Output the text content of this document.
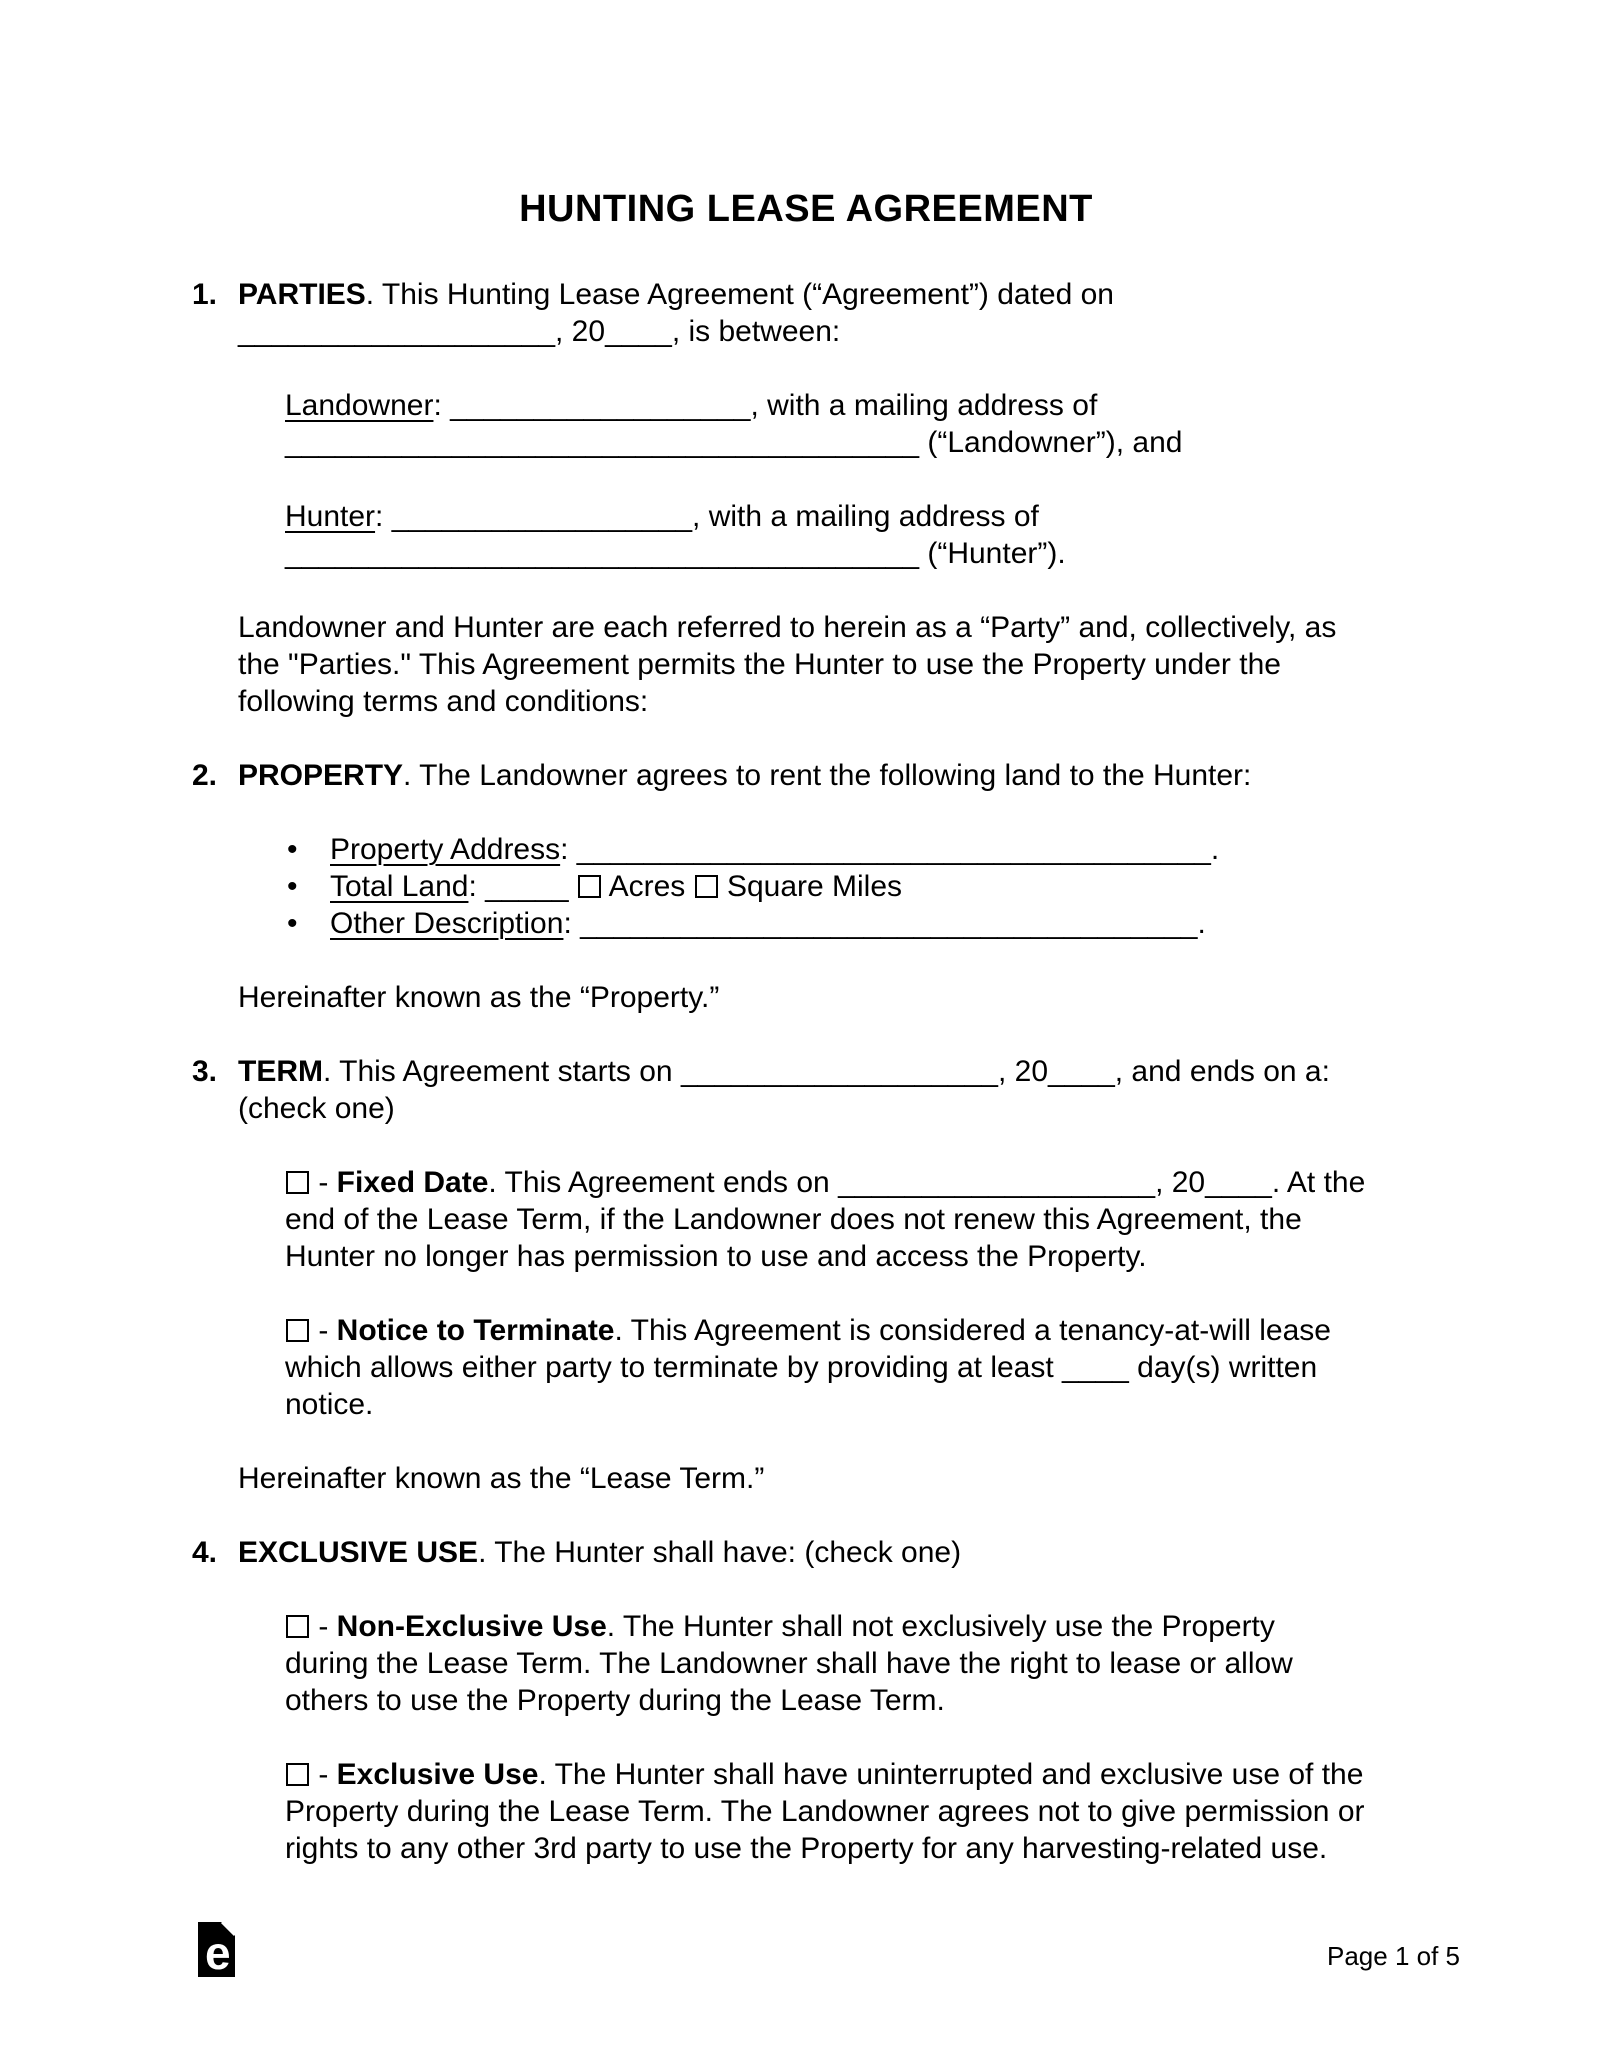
HUNTING LEASE AGREEMENT
1. PARTIES. This Hunting Lease Agreement (“Agreement”) dated on
___________________, 20____, is between:
Landowner: __________________, with a mailing address of
______________________________________ (“Landowner”), and
Hunter: __________________, with a mailing address of
______________________________________ (“Hunter”).
Landowner and Hunter are each referred to herein as a “Party” and, collectively, as
the "Parties." This Agreement permits the Hunter to use the Property under the
following terms and conditions:
2. PROPERTY. The Landowner agrees to rent the following land to the Hunter:
• Property Address: ______________________________________.
• Total Land: _____  Acres  Square Miles
• Other Description: _____________________________________.
Hereinafter known as the “Property.”
3. TERM. This Agreement starts on ___________________, 20____, and ends on a:
(check one)
- Fixed Date. This Agreement ends on ___________________, 20____. At the
end of the Lease Term, if the Landowner does not renew this Agreement, the
Hunter no longer has permission to use and access the Property.
- Notice to Terminate. This Agreement is considered a tenancy-at-will lease
which allows either party to terminate by providing at least ____ day(s) written
notice.
Hereinafter known as the “Lease Term.”
4. EXCLUSIVE USE. The Hunter shall have: (check one)
- Non-Exclusive Use. The Hunter shall not exclusively use the Property
during the Lease Term. The Landowner shall have the right to lease or allow
others to use the Property during the Lease Term.
- Exclusive Use. The Hunter shall have uninterrupted and exclusive use of the
Property during the Lease Term. The Landowner agrees not to give permission or
rights to any other 3rd party to use the Property for any harvesting-related use.
e	Page 1 of 5
